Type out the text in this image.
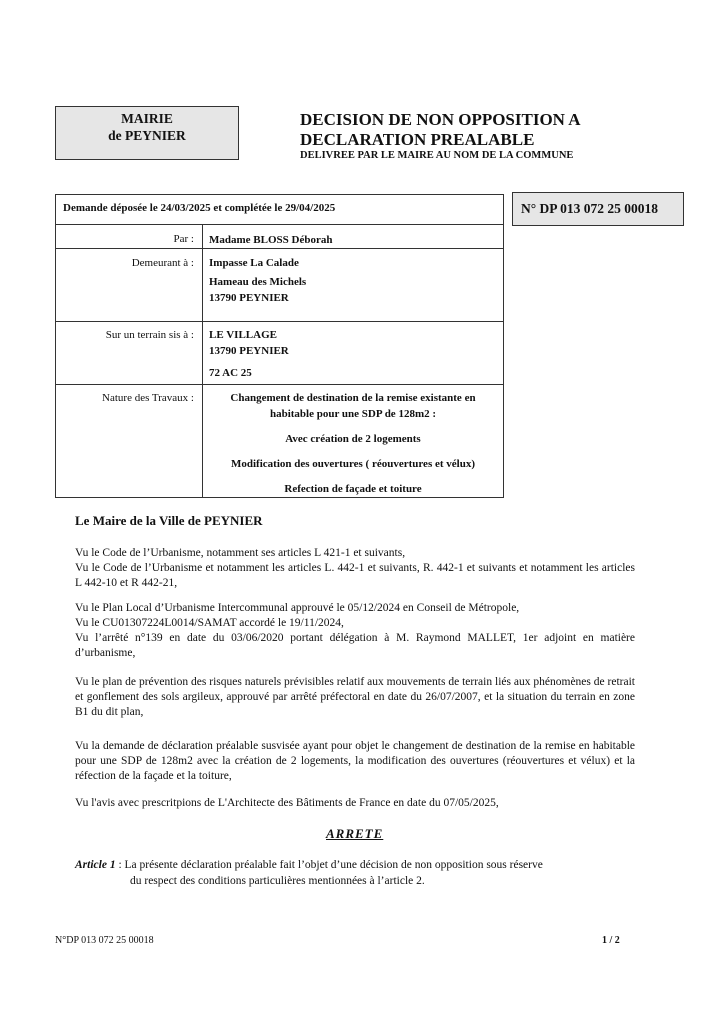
MAIRIE
de PEYNIER
DECISION DE NON OPPOSITION A
DECLARATION PREALABLE
DELIVREE PAR LE MAIRE AU NOM DE LA COMMUNE
Demande déposée le 24/03/2025 et complétée le 29/04/2025
Par : Madame BLOSS Déborah
Demeurant à : Impasse La Calade
Hameau des Michels
13790 PEYNIER
Sur un terrain sis à : LE VILLAGE
13790 PEYNIER
72 AC 25
Nature des Travaux :	Changement de destination de la remise existante en
habitable pour une SDP de 128m2 :
Avec création de 2 logements
Modification des ouvertures ( réouvertures et vélux)
Refection de façade et toiture
N° DP 013 072 25 00018
Le Maire de la Ville de PEYNIER
Vu le Code de l’Urbanisme, notamment ses articles L 421-1 et suivants,
Vu le Code de l’Urbanisme et notamment les articles L. 442-1 et suivants, R. 442-1 et suivants et notamment les articles L 442-10 et R 442-21,
Vu le Plan Local d’Urbanisme Intercommunal approuvé le 05/12/2024 en Conseil de Métropole,
Vu le CU01307224L0014/SAMAT accordé le 19/11/2024,
Vu l’arrêté n°139 en date du 03/06/2020 portant délégation à M. Raymond MALLET, 1er adjoint en matière d’urbanisme,
Vu le plan de prévention des risques naturels prévisibles relatif aux mouvements de terrain liés aux phénomènes de retrait et gonflement des sols argileux, approuvé par arrêté préfectoral en date du 26/07/2007, et la situation du terrain en zone B1 du dit plan,
Vu la demande de déclaration préalable susvisée ayant pour objet le changement de destination de la remise en habitable pour une SDP de 128m2 avec la création de 2 logements, la modification des ouvertures (réouvertures et vélux) et la réfection de la façade et la toiture,
Vu l'avis avec prescritpions de L'Architecte des Bâtiments de France en date du 07/05/2025,
ARRETE
Article 1 : La présente déclaration préalable fait l’objet d’une décision de non opposition sous réserve
du respect des conditions particulières mentionnées à l’article 2.
N°DP 013 072 25 00018	1 / 2
